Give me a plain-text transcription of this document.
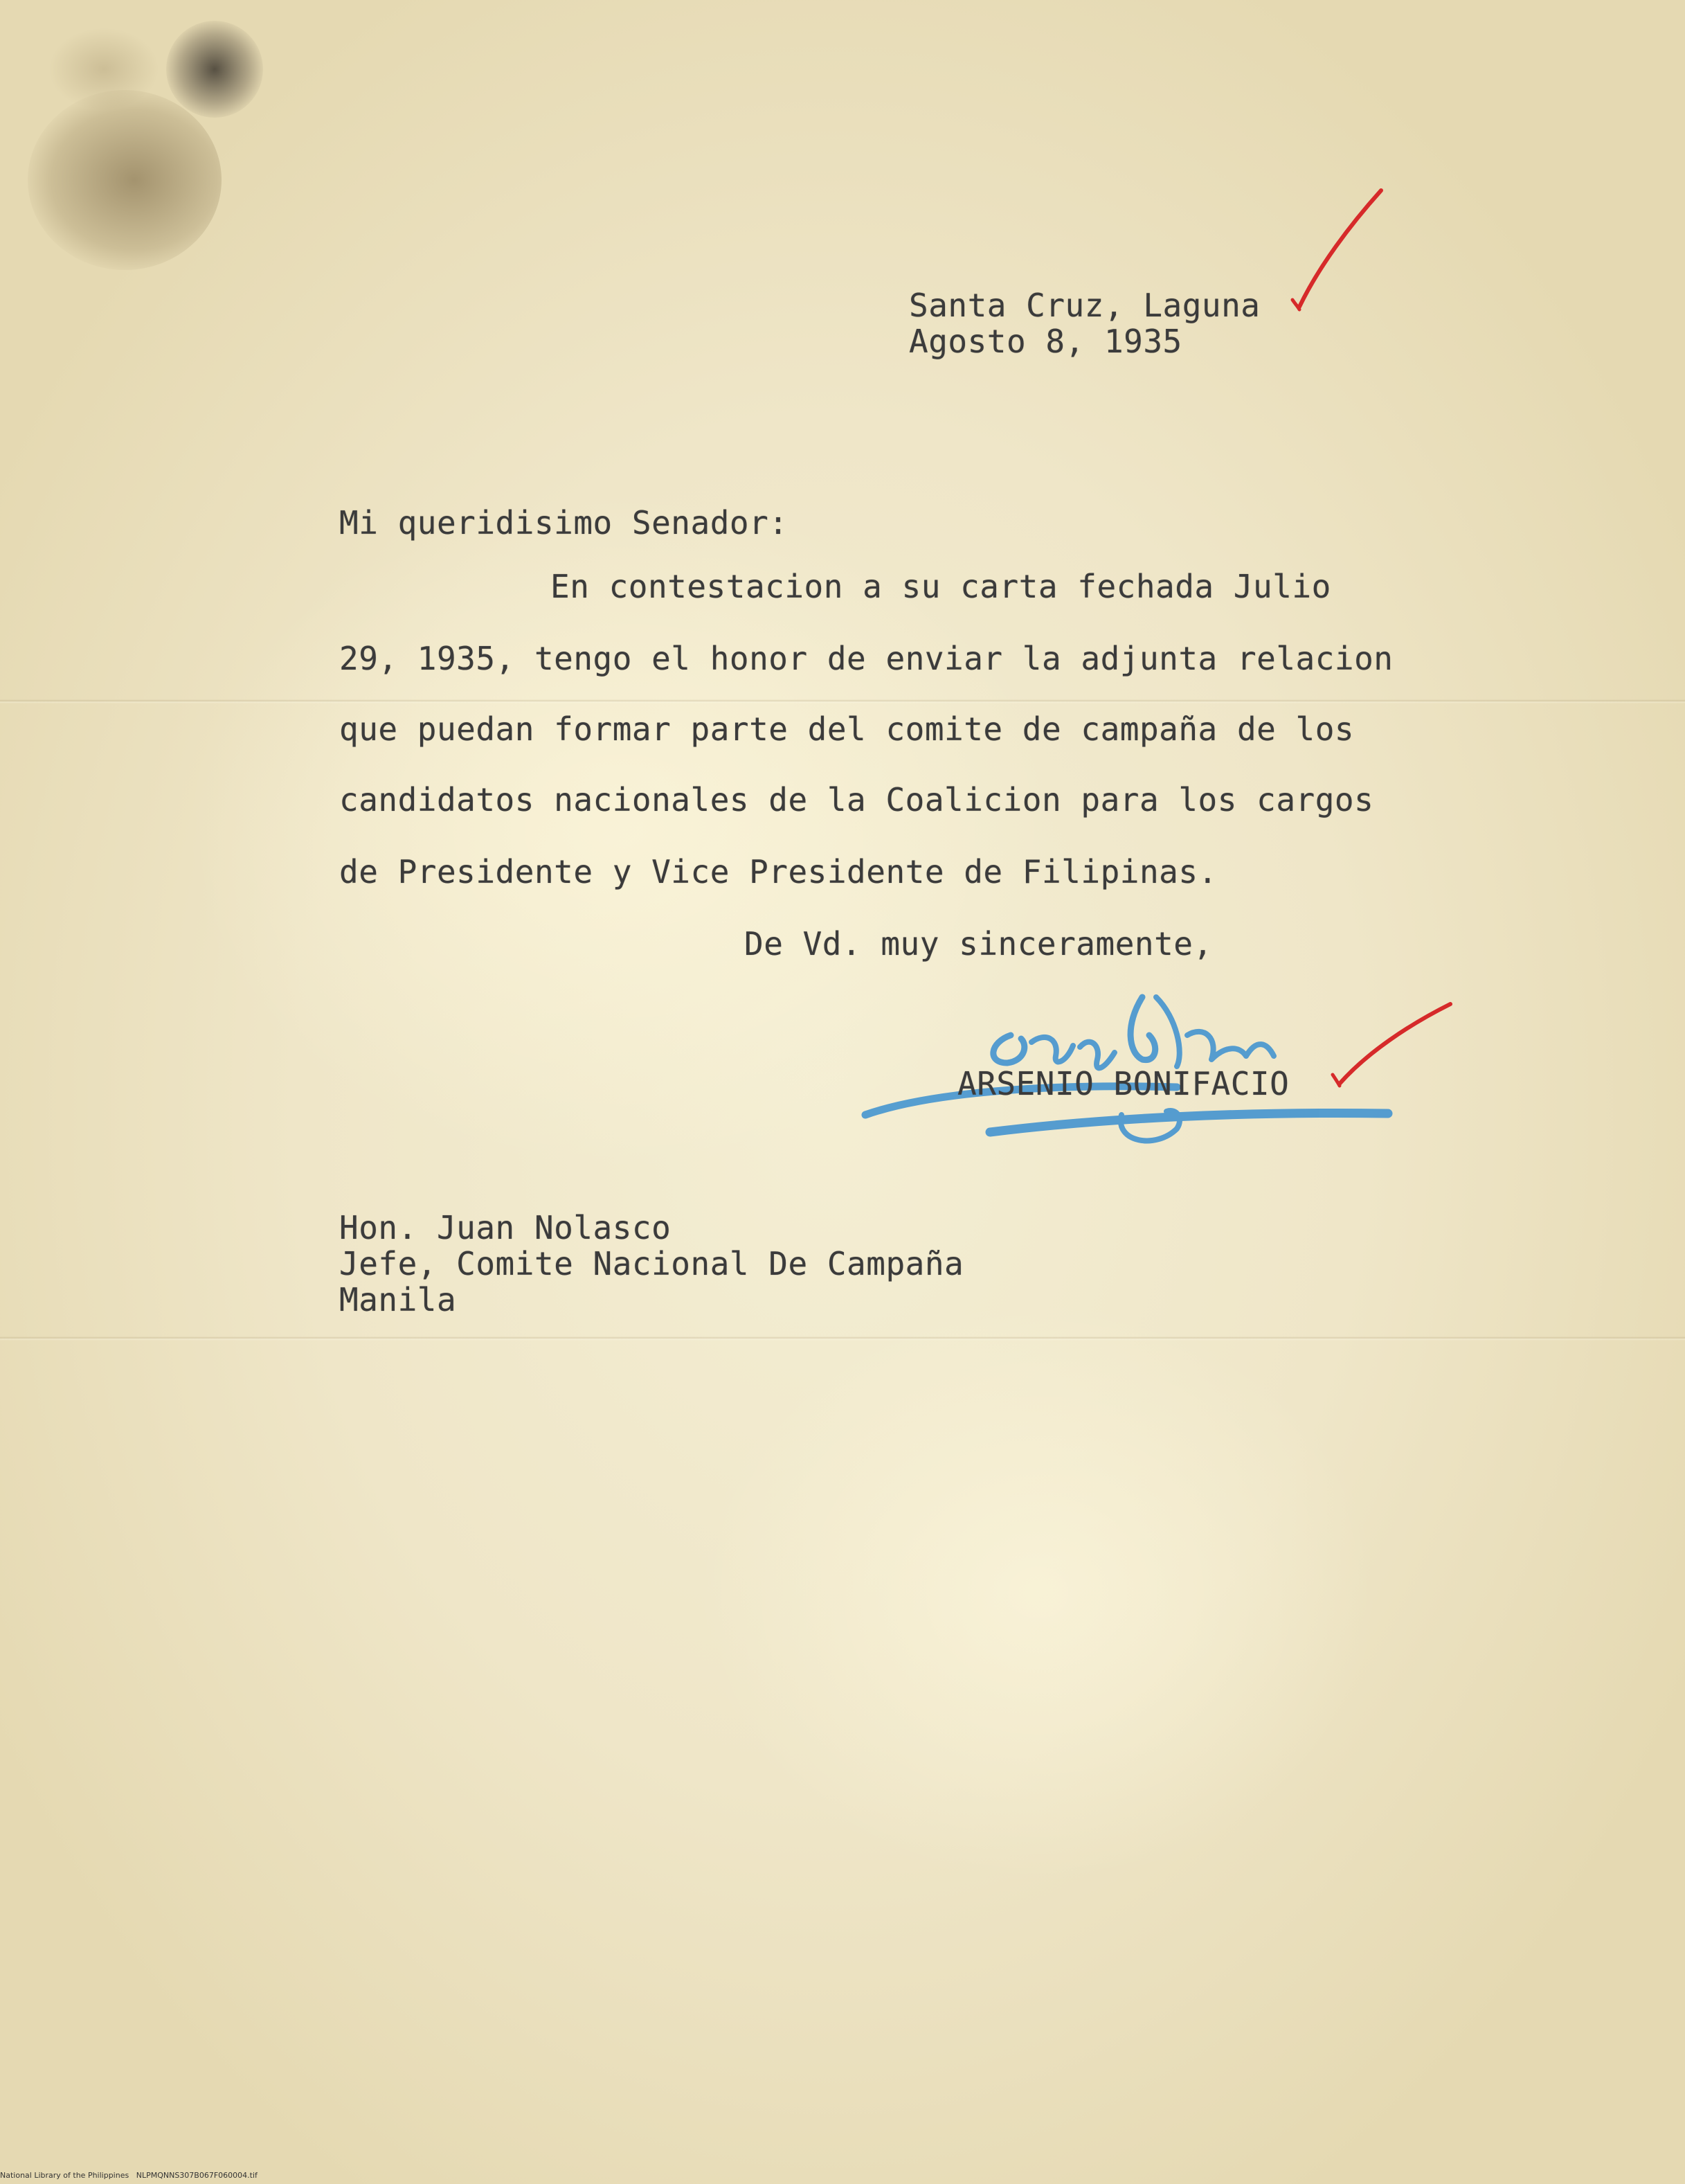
Santa Cruz, Laguna
Agosto 8, 1935
Mi queridisimo Senador:
En contestacion a su carta fechada Julio
29, 1935, tengo el honor de enviar la adjunta relacion
que puedan formar parte del comite de campaña de los
candidatos nacionales de la Coalicion para los cargos
de Presidente y Vice Presidente de Filipinas.
De Vd. muy sinceramente,
ARSENIO BONIFACIO
Hon. Juan Nolasco
Jefe, Comite Nacional De Campaña
Manila
National Library of the Philippines NLPMQNNS307B067F060004.tif
